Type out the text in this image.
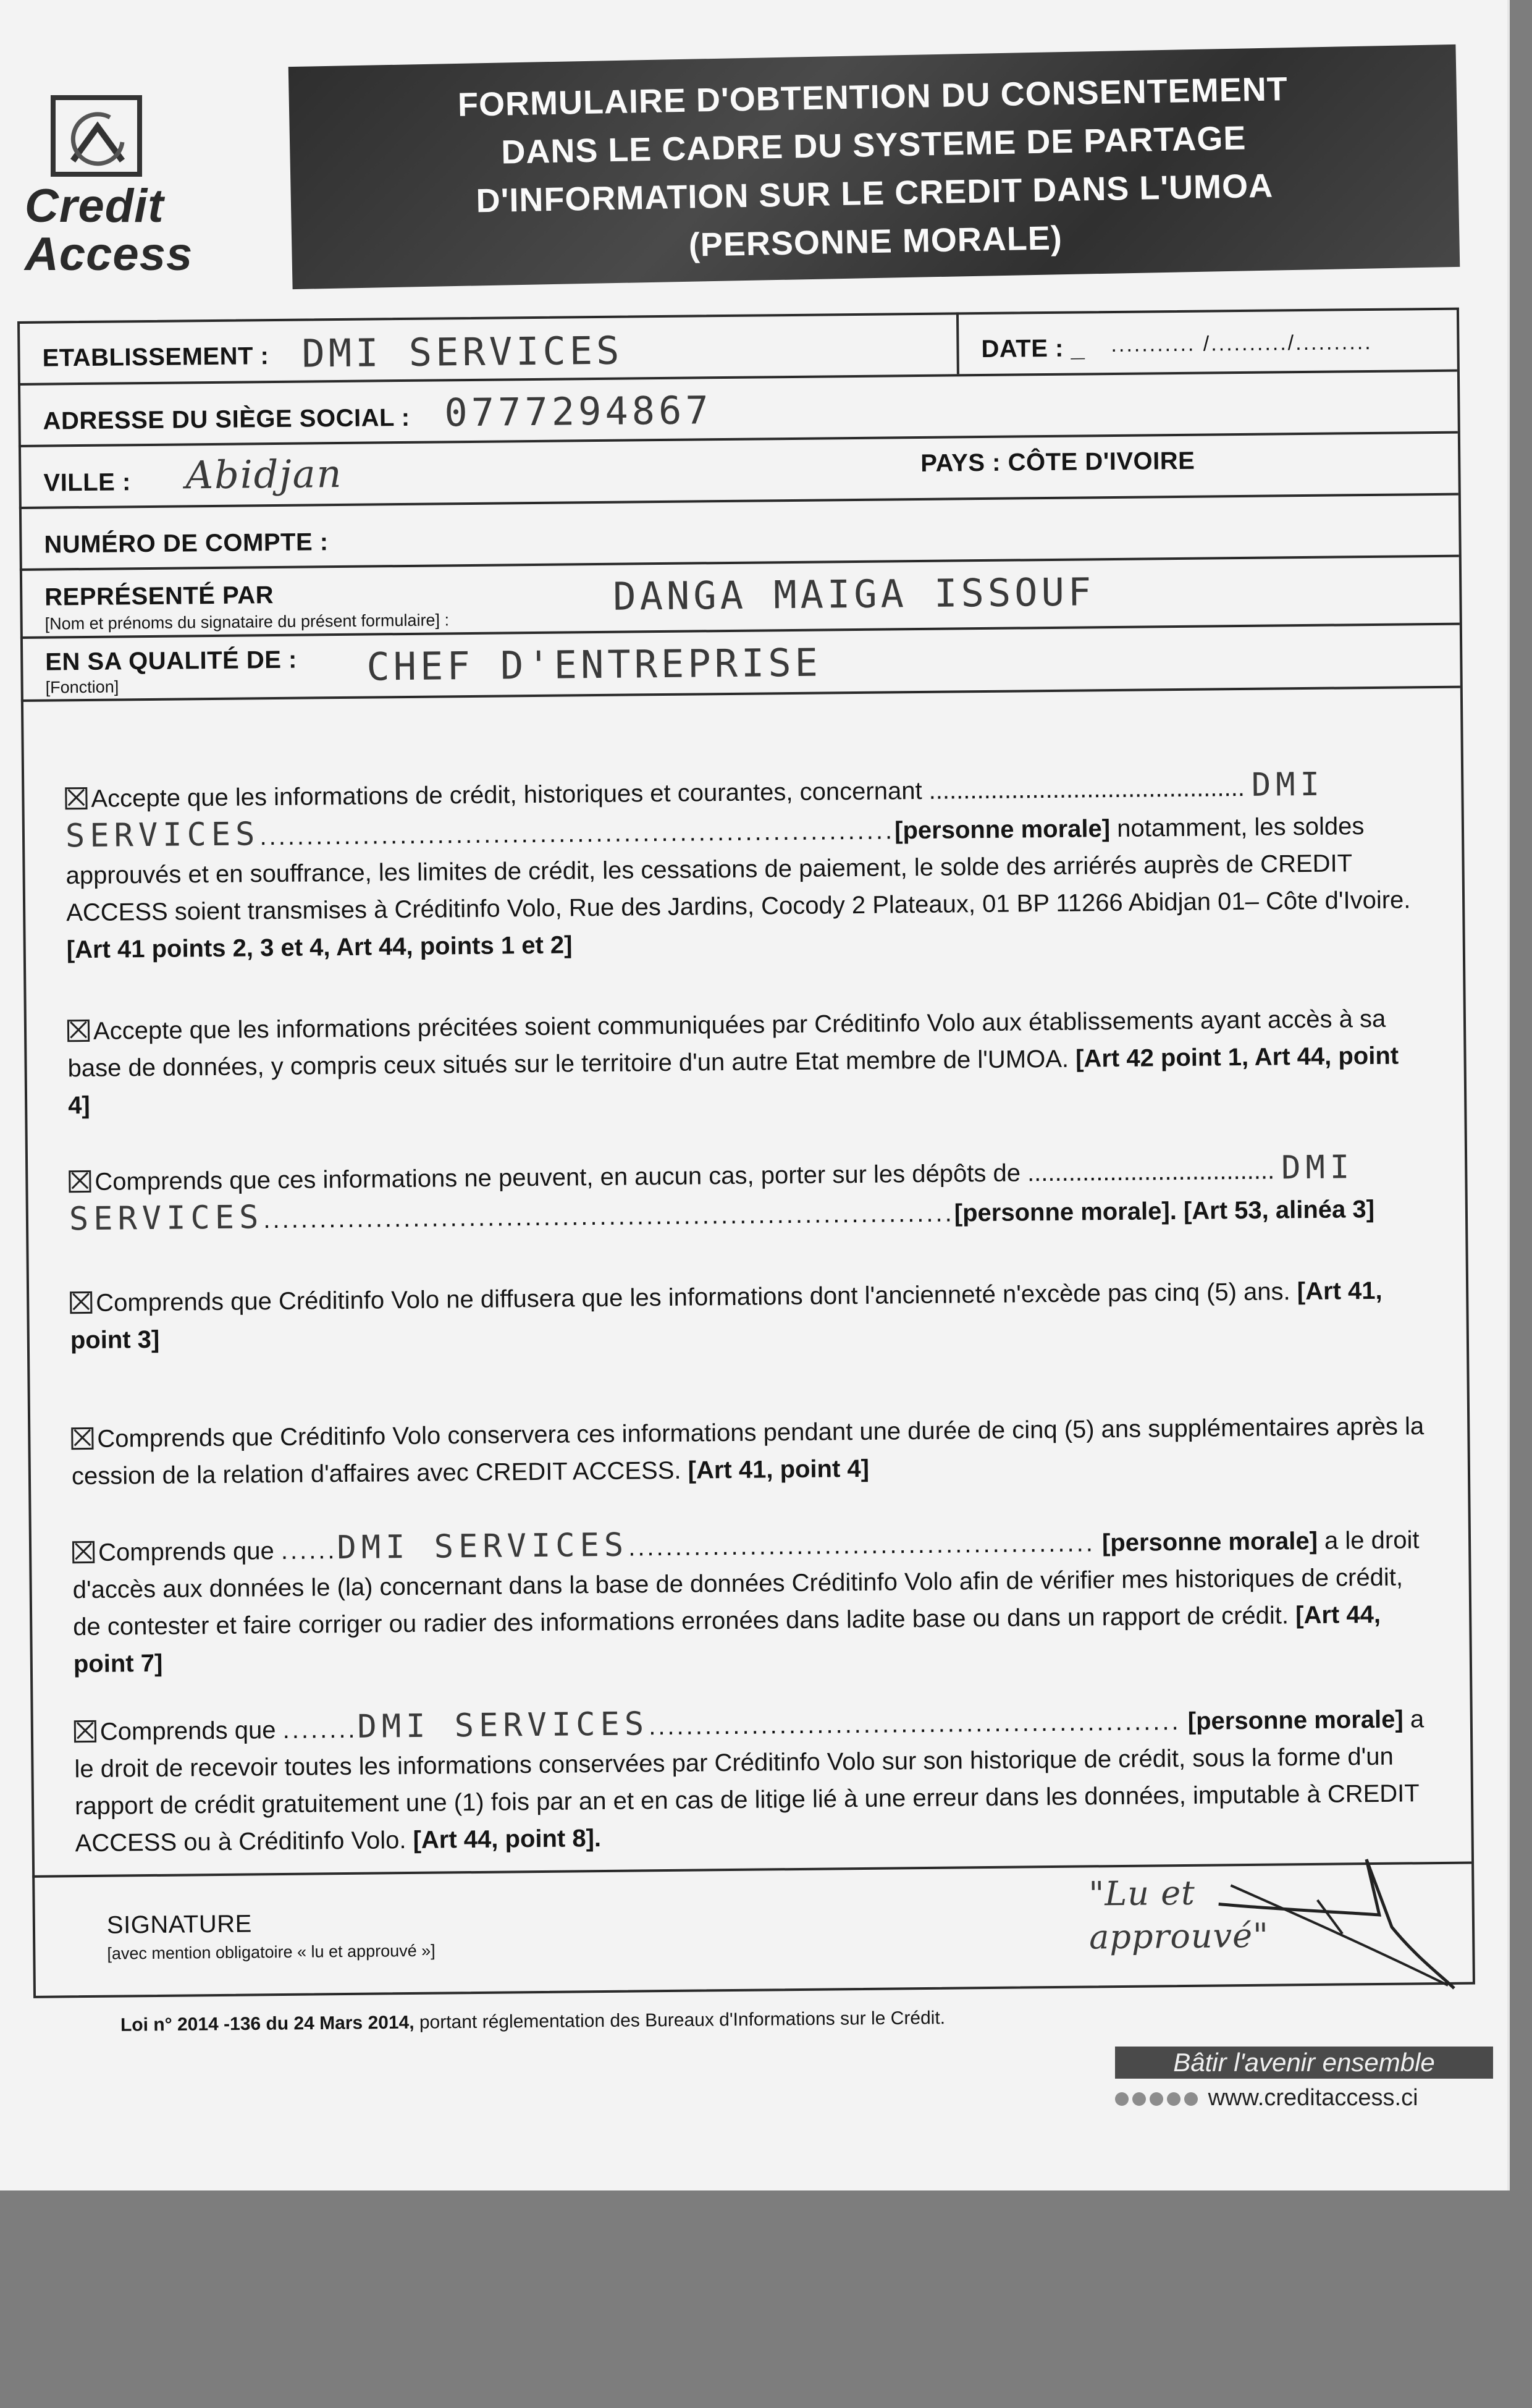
Credit
Access
FORMULAIRE D'OBTENTION DU CONSENTEMENT
DANS LE CADRE DU SYSTEME DE PARTAGE
D'INFORMATION SUR LE CREDIT DANS L'UMOA
(PERSONNE MORALE)
ETABLISSEMENT : DMI SERVICES	DATE : _ ........... /........../..........
ADRESSE DU SIÈGE SOCIAL : 0777294867
VILLE : Abidjan	PAYS : CÔTE D'IVOIRE
NUMÉRO DE COMPTE :
REPRÉSENTÉ PAR
[Nom et prénoms du signataire du présent formulaire] :
DANGA MAIGA ISSOUF
EN SA QUALITÉ DE :
[Fonction]	CHEF D'ENTREPRISE
Accepte que les informations de crédit, historiques et courantes, concernant .............................................. DMI SERVICES....................................................................[personne morale] notamment, les soldes approuvés et en souffrance, les limites de crédit, les cessations de paiement, le solde des arriérés auprès de CREDIT ACCESS soient transmises à Créditinfo Volo, Rue des Jardins, Cocody 2 Plateaux, 01 BP 11266 Abidjan 01– Côte d'Ivoire. [Art 41 points 2, 3 et 4, Art 44, points 1 et 2]
Accepte que les informations précitées soient communiquées par Créditinfo Volo aux établissements ayant accès à sa base de données, y compris ceux situés sur le territoire d'un autre Etat membre de l'UMOA. [Art 42 point 1, Art 44, point 4]
Comprends que ces informations ne peuvent, en aucun cas, porter sur les dépôts de .................................... DMI SERVICES..........................................................................[personne morale]. [Art 53, alinéa 3]
Comprends que Créditinfo Volo ne diffusera que les informations dont l'ancienneté n'excède pas cinq (5) ans. [Art 41, point 3]
Comprends que Créditinfo Volo conservera ces informations pendant une durée de cinq (5) ans supplémentaires après la cession de la relation d'affaires avec CREDIT ACCESS. [Art 41, point 4]
Comprends que ......DMI SERVICES.................................................. [personne morale] a le droit d'accès aux données le (la) concernant dans la base de données Créditinfo Volo afin de vérifier mes historiques de crédit, de contester et faire corriger ou radier des informations erronées dans ladite base ou dans un rapport de crédit. [Art 44, point 7]
Comprends que ........DMI SERVICES......................................................... [personne morale] a le droit de recevoir toutes les informations conservées par Créditinfo Volo sur son historique de crédit, sous la forme d'un rapport de crédit gratuitement une (1) fois par an et en cas de litige lié à une erreur dans les données, imputable à CREDIT ACCESS ou à Créditinfo Volo. [Art 44, point 8].
SIGNATURE
[avec mention obligatoire « lu et approuvé »]
"Lu et
approuvé"
Loi n° 2014 -136 du 24 Mars 2014, portant réglementation des Bureaux d'Informations sur le Crédit.
Bâtir l'avenir ensemble
www.creditaccess.ci
